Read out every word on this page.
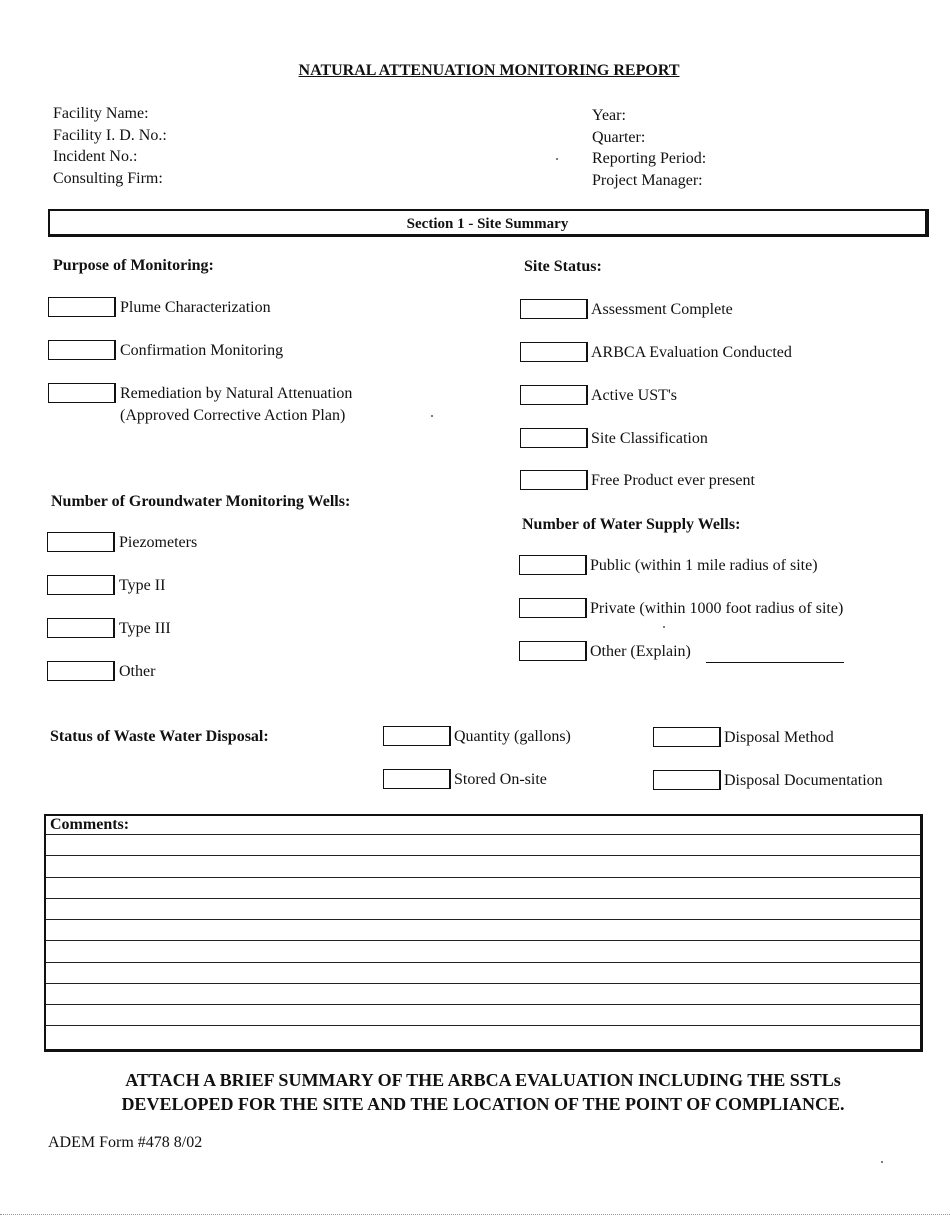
NATURAL ATTENUATION MONITORING REPORT
Facility Name:
Facility I. D. No.:
Incident No.:
Consulting Firm:
Year:
Quarter:
Reporting Period:
Project Manager:
Section 1 - Site Summary
Purpose of Monitoring:
Plume Characterization
Confirmation Monitoring
Remediation by Natural Attenuation
(Approved Corrective Action Plan)
Site Status:
Assessment Complete
ARBCA Evaluation Conducted
Active UST's
Site Classification
Free Product ever present
Number of Groundwater Monitoring Wells:
Piezometers
Type II
Type III
Other
Number of Water Supply Wells:
Public (within 1 mile radius of site)
Private (within 1000 foot radius of site)
Other (Explain)
Status of Waste Water Disposal:	Quantity (gallons)
Stored On-site
Disposal Method
Disposal Documentation
Comments:
ATTACH A BRIEF SUMMARY OF THE ARBCA EVALUATION INCLUDING THE SSTLs
DEVELOPED FOR THE SITE AND THE LOCATION OF THE POINT OF COMPLIANCE.
ADEM Form #478 8/02
